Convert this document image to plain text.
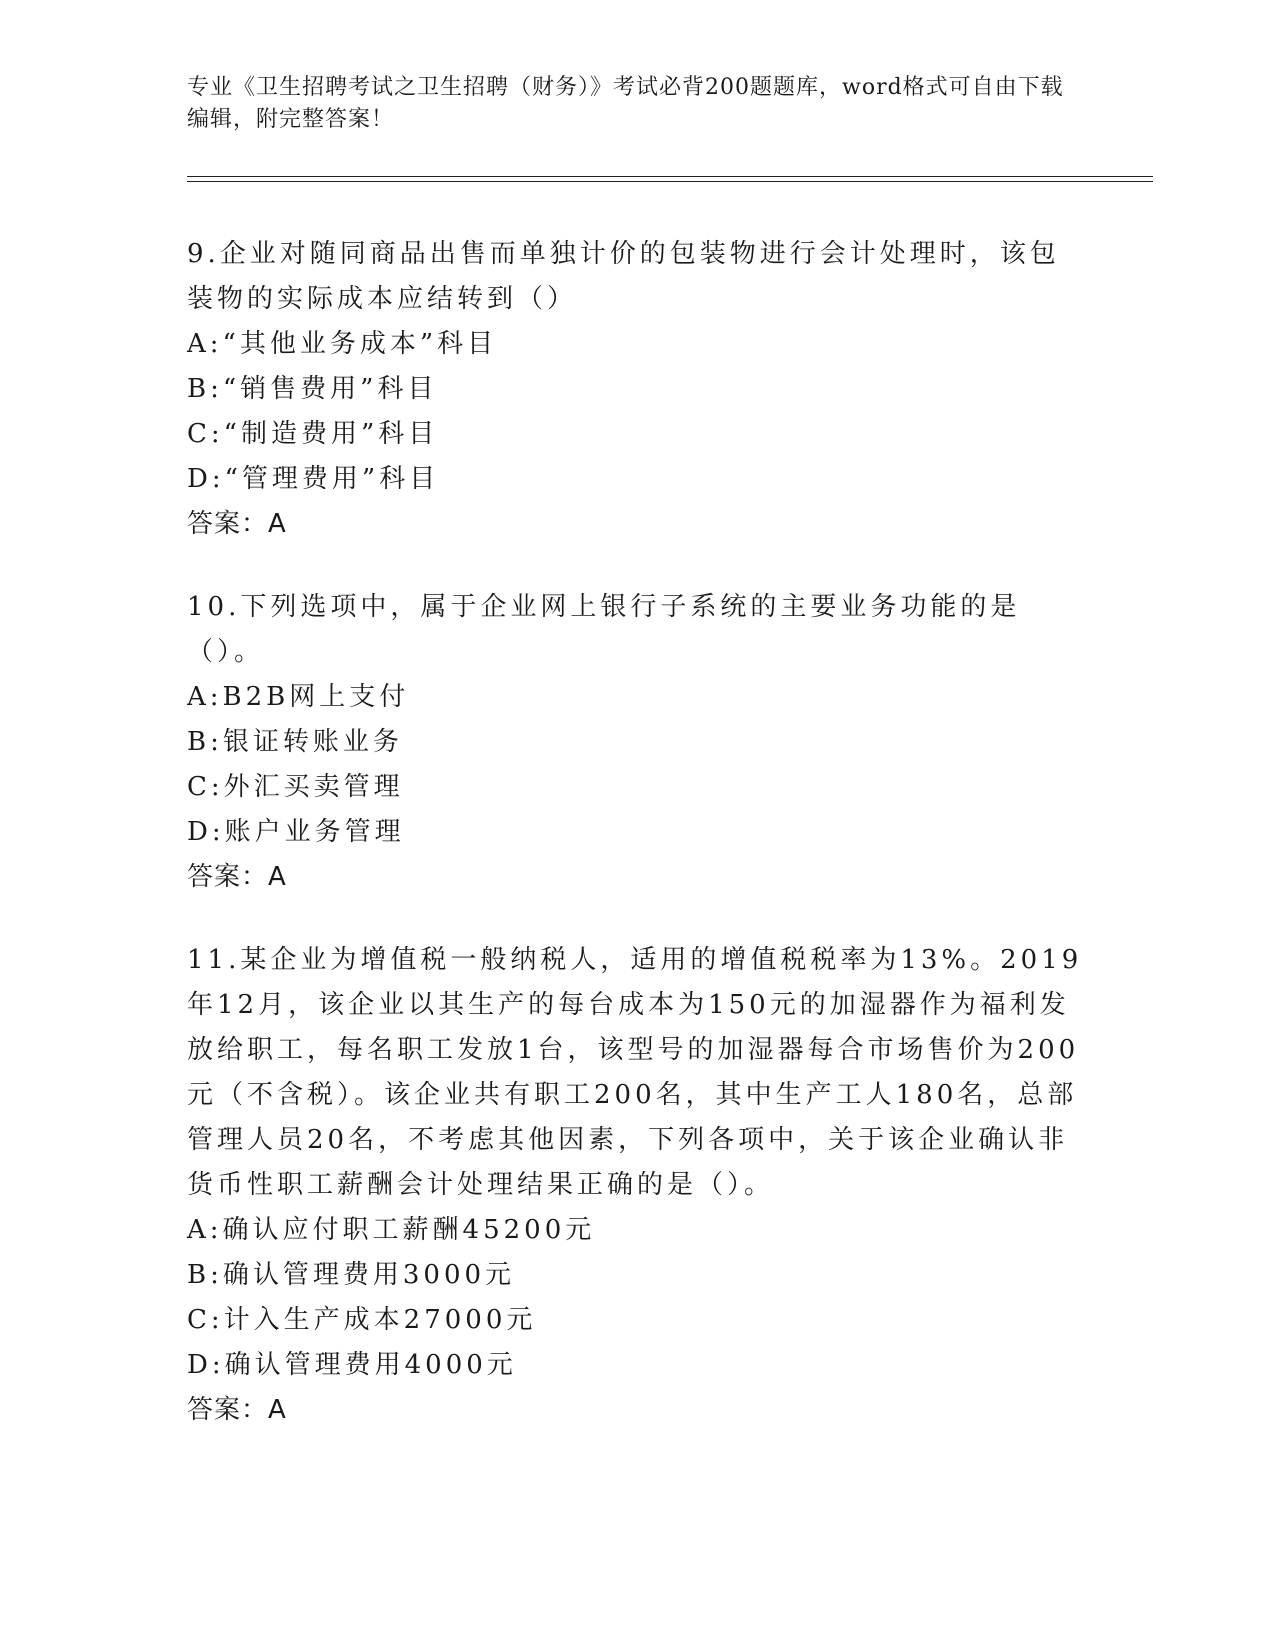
专业《卫生招聘考试之卫生招聘（财务）》考试必背200题题库，word格式可自由下载编辑，附完整答案！

9.企业对随同商品出售而单独计价的包装物进行会计处理时，该包装物的实际成本应结转到（）

A:“其他业务成本”科目

B:“销售费用”科目

C:“制造费用”科目

D:“管理费用”科目

答案：A

10.下列选项中，属于企业网上银行子系统的主要业务功能的是（）。

A:B2B网上支付

B:银证转账业务

C:外汇买卖管理

D:账户业务管理

答案：A

11.某企业为增值税一般纳税人，适用的增值税税率为13%。2019年12月，该企业以其生产的每台成本为150元的加湿器作为福利发放给职工，每名职工发放1台，该型号的加湿器每合市场售价为200元（不含税）。该企业共有职工200名，其中生产工人180名，总部管理人员20名，不考虑其他因素，下列各项中，关于该企业确认非货币性职工薪酬会计处理结果正确的是（）。

A:确认应付职工薪酬45200元

B:确认管理费用3000元

C:计入生产成本27000元

D:确认管理费用4000元

答案：A
